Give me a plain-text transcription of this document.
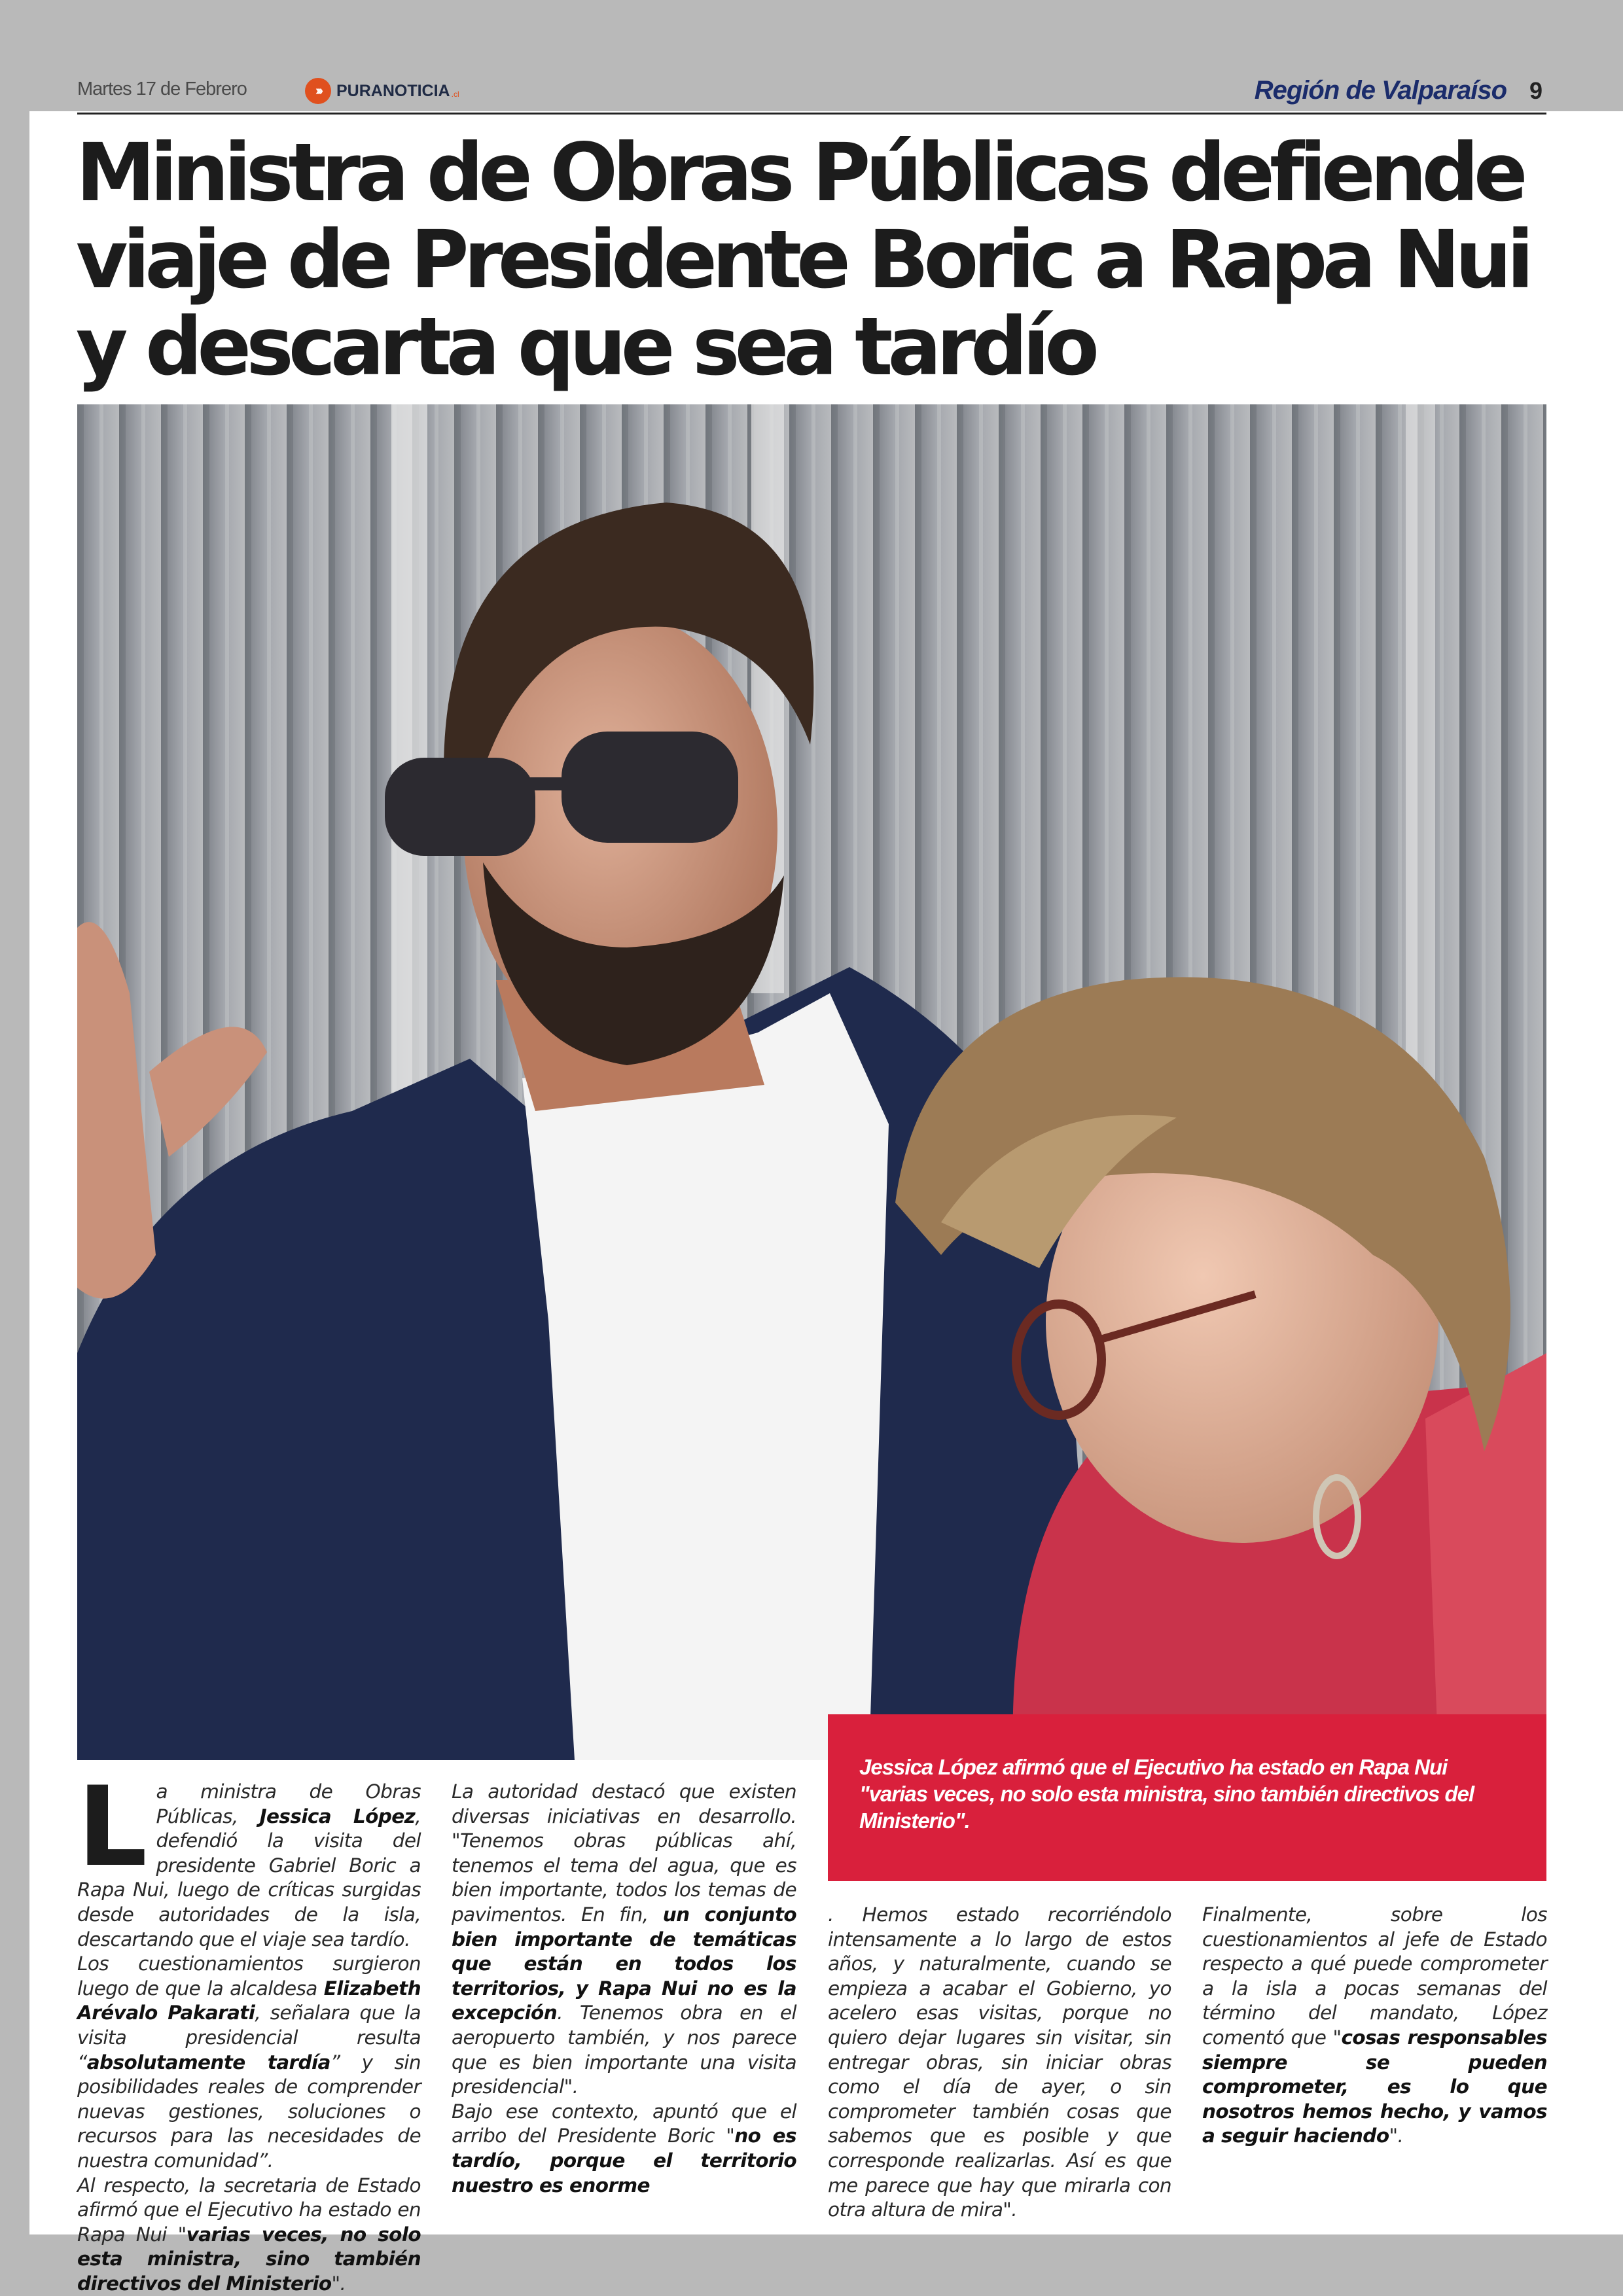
Martes 17 de Febrero	››› PURANOTICIA .cl	Región de Valparaíso 9
Ministra de Obras Públicas defiende viaje de Presidente Boric a Rapa Nui y descarta que sea tardío
Jessica López afirmó que el Ejecutivo ha estado en Rapa Nui "varias veces, no solo esta ministra, sino también directivos del Ministerio".

La ministra de Obras Públicas, Jessica López, defendió la visita del presidente Gabriel Boric a Rapa Nui, luego de críticas surgidas desde autoridades de la isla, descartando que el viaje sea tardío.

Los cuestionamientos surgieron luego de que la alcaldesa Elizabeth Arévalo Pakarati, señalara que la visita presidencial resulta “absolutamente tardía” y sin posibilidades reales de comprender nuevas gestiones, soluciones o recursos para las necesidades de nuestra comunidad”.

Al respecto, la secretaria de Estado afirmó que el Ejecutivo ha estado en Rapa Nui "varias veces, no solo esta ministra, sino también directivos del Ministerio".

La autoridad destacó que existen diversas iniciativas en desarrollo. "Tenemos obras públicas ahí, tenemos el tema del agua, que es bien importante, todos los temas de pavimentos. En fin, un conjunto bien importante de temáticas que están en todos los territorios, y Rapa Nui no es la excepción. Tenemos obra en el aeropuerto también, y nos parece que es bien importante una visita presidencial".

Bajo ese contexto, apuntó que el arribo del Presidente Boric "no es tardío, porque el territorio nuestro es enorme

. Hemos estado recorriéndolo intensamente a lo largo de estos años, y naturalmente, cuando se empieza a acabar el Gobierno, yo acelero esas visitas, porque no quiero dejar lugares sin visitar, sin entregar obras, sin iniciar obras como el día de ayer, o sin comprometer también cosas que sabemos que es posible y que corresponde realizarlas. Así es que me parece que hay que mirarla con otra altura de mira".

Finalmente, sobre los cuestionamientos al jefe de Estado respecto a qué puede comprometer a la isla a pocas semanas del término del mandato, López comentó que "cosas responsables siempre se pueden comprometer, es lo que nosotros hemos hecho, y vamos a seguir haciendo".
